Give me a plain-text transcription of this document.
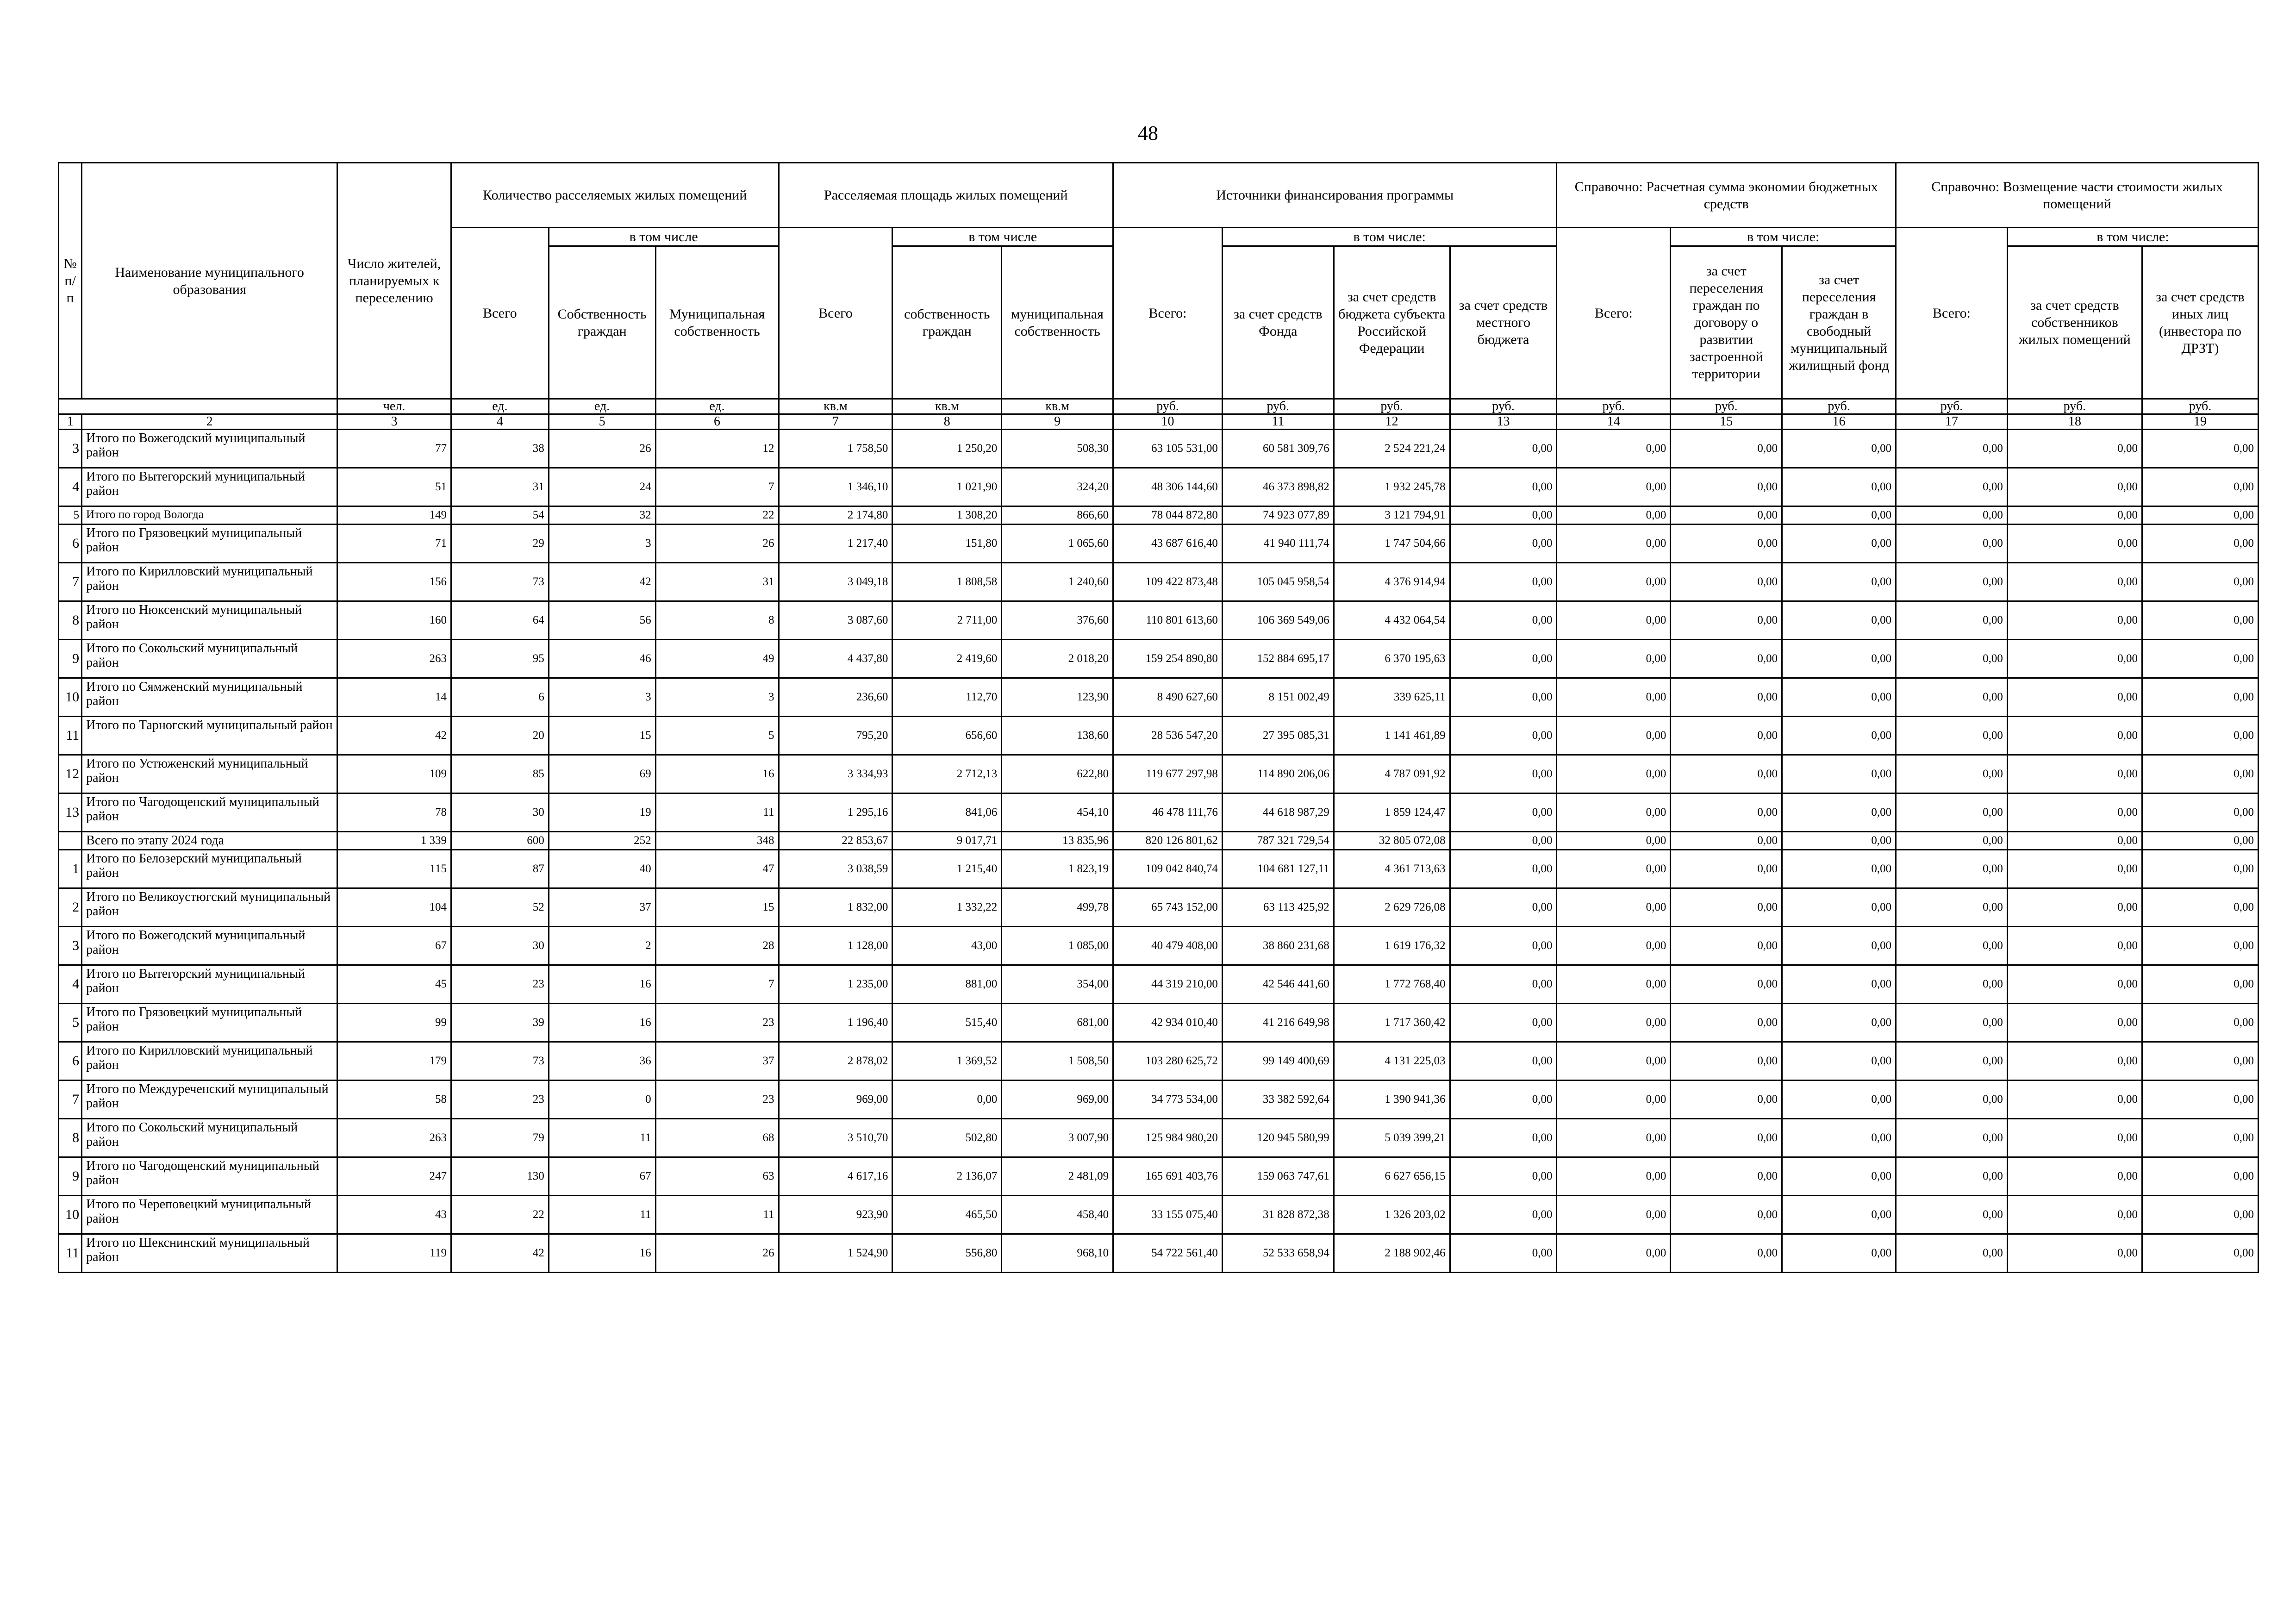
48
№ п/ п	Наименование муниципального образования	Число жителей, планируемых к переселению	Количество расселяемых жилых помещений			Расселяемая площадь жилых помещений			Источники финансирования программы				Справочно: Расчетная сумма экономии бюджетных средств			Справочно: Возмещение части стоимости жилых помещений		
			Всего	в том числе		Всего	в том числе		Всего:	в том числе:			Всего:	в том числе:		Всего:	в том числе:	
				Собственность граждан	Муниципальная собственность		собственность граждан	муниципальная собственность		за счет средств Фонда	за счет средств бюджета субъекта Российской Федерации	за счет средств местного бюджета		за счет переселения граждан по договору о развитии застроенной территории	за счет переселения граждан в свободный муниципальный жилищный фонд		за счет средств собственников жилых помещений	за счет средств иных лиц (инвестора по ДРЗТ)
		чел.	ед.	ед.	ед.	кв.м	кв.м	кв.м	руб.	руб.	руб.	руб.	руб.	руб.	руб.	руб.	руб.	руб.
1	2	3	4	5	6	7	8	9	10	11	12	13	14	15	16	17	18	19
3	Итого по Вожегодский муниципальный район	77	38	26	12	1 758,50	1 250,20	508,30	63 105 531,00	60 581 309,76	2 524 221,24	0,00	0,00	0,00	0,00	0,00	0,00	0,00
4	Итого по Вытегорский муниципальный район	51	31	24	7	1 346,10	1 021,90	324,20	48 306 144,60	46 373 898,82	1 932 245,78	0,00	0,00	0,00	0,00	0,00	0,00	0,00
5	Итого по город Вологда	149	54	32	22	2 174,80	1 308,20	866,60	78 044 872,80	74 923 077,89	3 121 794,91	0,00	0,00	0,00	0,00	0,00	0,00	0,00
6	Итого по Грязовецкий муниципальный район	71	29	3	26	1 217,40	151,80	1 065,60	43 687 616,40	41 940 111,74	1 747 504,66	0,00	0,00	0,00	0,00	0,00	0,00	0,00
7	Итого по Кирилловский муниципальный район	156	73	42	31	3 049,18	1 808,58	1 240,60	109 422 873,48	105 045 958,54	4 376 914,94	0,00	0,00	0,00	0,00	0,00	0,00	0,00
8	Итого по Нюксенский муниципальный район	160	64	56	8	3 087,60	2 711,00	376,60	110 801 613,60	106 369 549,06	4 432 064,54	0,00	0,00	0,00	0,00	0,00	0,00	0,00
9	Итого по Сокольский муниципальный район	263	95	46	49	4 437,80	2 419,60	2 018,20	159 254 890,80	152 884 695,17	6 370 195,63	0,00	0,00	0,00	0,00	0,00	0,00	0,00
10	Итого по Сямженский муниципальный район	14	6	3	3	236,60	112,70	123,90	8 490 627,60	8 151 002,49	339 625,11	0,00	0,00	0,00	0,00	0,00	0,00	0,00
11	Итого по Тарногский муниципальный район	42	20	15	5	795,20	656,60	138,60	28 536 547,20	27 395 085,31	1 141 461,89	0,00	0,00	0,00	0,00	0,00	0,00	0,00
12	Итого по Устюженский муниципальный район	109	85	69	16	3 334,93	2 712,13	622,80	119 677 297,98	114 890 206,06	4 787 091,92	0,00	0,00	0,00	0,00	0,00	0,00	0,00
13	Итого по Чагодощенский муниципальный район	78	30	19	11	1 295,16	841,06	454,10	46 478 111,76	44 618 987,29	1 859 124,47	0,00	0,00	0,00	0,00	0,00	0,00	0,00
	Всего по этапу 2024 года	1 339	600	252	348	22 853,67	9 017,71	13 835,96	820 126 801,62	787 321 729,54	32 805 072,08	0,00	0,00	0,00	0,00	0,00	0,00	0,00
1	Итого по Белозерский муниципальный район	115	87	40	47	3 038,59	1 215,40	1 823,19	109 042 840,74	104 681 127,11	4 361 713,63	0,00	0,00	0,00	0,00	0,00	0,00	0,00
2	Итого по Великоустюгский муниципальный район	104	52	37	15	1 832,00	1 332,22	499,78	65 743 152,00	63 113 425,92	2 629 726,08	0,00	0,00	0,00	0,00	0,00	0,00	0,00
3	Итого по Вожегодский муниципальный район	67	30	2	28	1 128,00	43,00	1 085,00	40 479 408,00	38 860 231,68	1 619 176,32	0,00	0,00	0,00	0,00	0,00	0,00	0,00
4	Итого по Вытегорский муниципальный район	45	23	16	7	1 235,00	881,00	354,00	44 319 210,00	42 546 441,60	1 772 768,40	0,00	0,00	0,00	0,00	0,00	0,00	0,00
5	Итого по Грязовецкий муниципальный район	99	39	16	23	1 196,40	515,40	681,00	42 934 010,40	41 216 649,98	1 717 360,42	0,00	0,00	0,00	0,00	0,00	0,00	0,00
6	Итого по Кирилловский муниципальный район	179	73	36	37	2 878,02	1 369,52	1 508,50	103 280 625,72	99 149 400,69	4 131 225,03	0,00	0,00	0,00	0,00	0,00	0,00	0,00
7	Итого по Междуреченский муниципальный район	58	23	0	23	969,00	0,00	969,00	34 773 534,00	33 382 592,64	1 390 941,36	0,00	0,00	0,00	0,00	0,00	0,00	0,00
8	Итого по Сокольский муниципальный район	263	79	11	68	3 510,70	502,80	3 007,90	125 984 980,20	120 945 580,99	5 039 399,21	0,00	0,00	0,00	0,00	0,00	0,00	0,00
9	Итого по Чагодощенский муниципальный район	247	130	67	63	4 617,16	2 136,07	2 481,09	165 691 403,76	159 063 747,61	6 627 656,15	0,00	0,00	0,00	0,00	0,00	0,00	0,00
10	Итого по Череповецкий муниципальный район	43	22	11	11	923,90	465,50	458,40	33 155 075,40	31 828 872,38	1 326 203,02	0,00	0,00	0,00	0,00	0,00	0,00	0,00
11	Итого по Шекснинский муниципальный район	119	42	16	26	1 524,90	556,80	968,10	54 722 561,40	52 533 658,94	2 188 902,46	0,00	0,00	0,00	0,00	0,00	0,00	0,00
